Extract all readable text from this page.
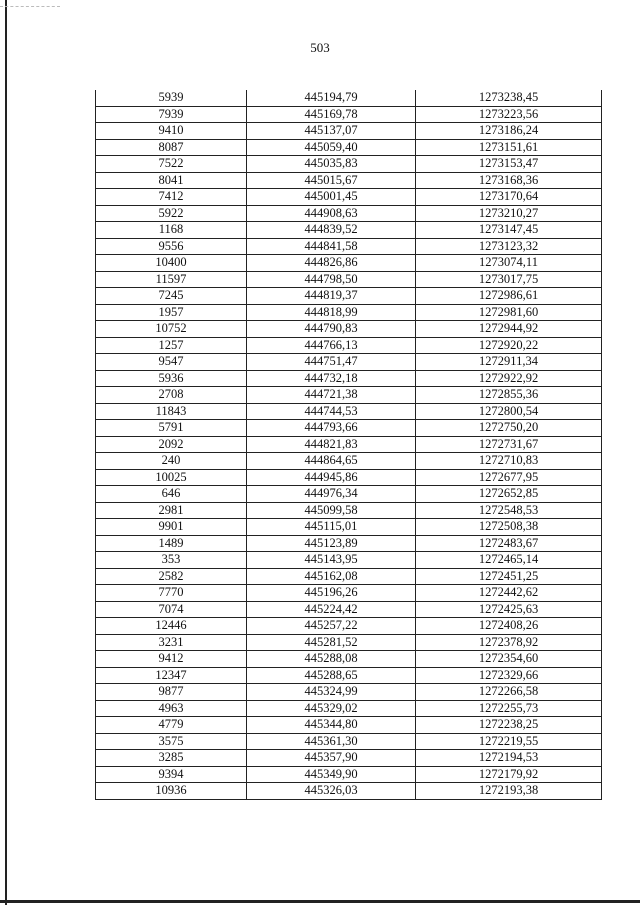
503
5939	445194,79	1273238,45
7939	445169,78	1273223,56
9410	445137,07	1273186,24
8087	445059,40	1273151,61
7522	445035,83	1273153,47
8041	445015,67	1273168,36
7412	445001,45	1273170,64
5922	444908,63	1273210,27
1168	444839,52	1273147,45
9556	444841,58	1273123,32
10400	444826,86	1273074,11
11597	444798,50	1273017,75
7245	444819,37	1272986,61
1957	444818,99	1272981,60
10752	444790,83	1272944,92
1257	444766,13	1272920,22
9547	444751,47	1272911,34
5936	444732,18	1272922,92
2708	444721,38	1272855,36
11843	444744,53	1272800,54
5791	444793,66	1272750,20
2092	444821,83	1272731,67
240	444864,65	1272710,83
10025	444945,86	1272677,95
646	444976,34	1272652,85
2981	445099,58	1272548,53
9901	445115,01	1272508,38
1489	445123,89	1272483,67
353	445143,95	1272465,14
2582	445162,08	1272451,25
7770	445196,26	1272442,62
7074	445224,42	1272425,63
12446	445257,22	1272408,26
3231	445281,52	1272378,92
9412	445288,08	1272354,60
12347	445288,65	1272329,66
9877	445324,99	1272266,58
4963	445329,02	1272255,73
4779	445344,80	1272238,25
3575	445361,30	1272219,55
3285	445357,90	1272194,53
9394	445349,90	1272179,92
10936	445326,03	1272193,38
